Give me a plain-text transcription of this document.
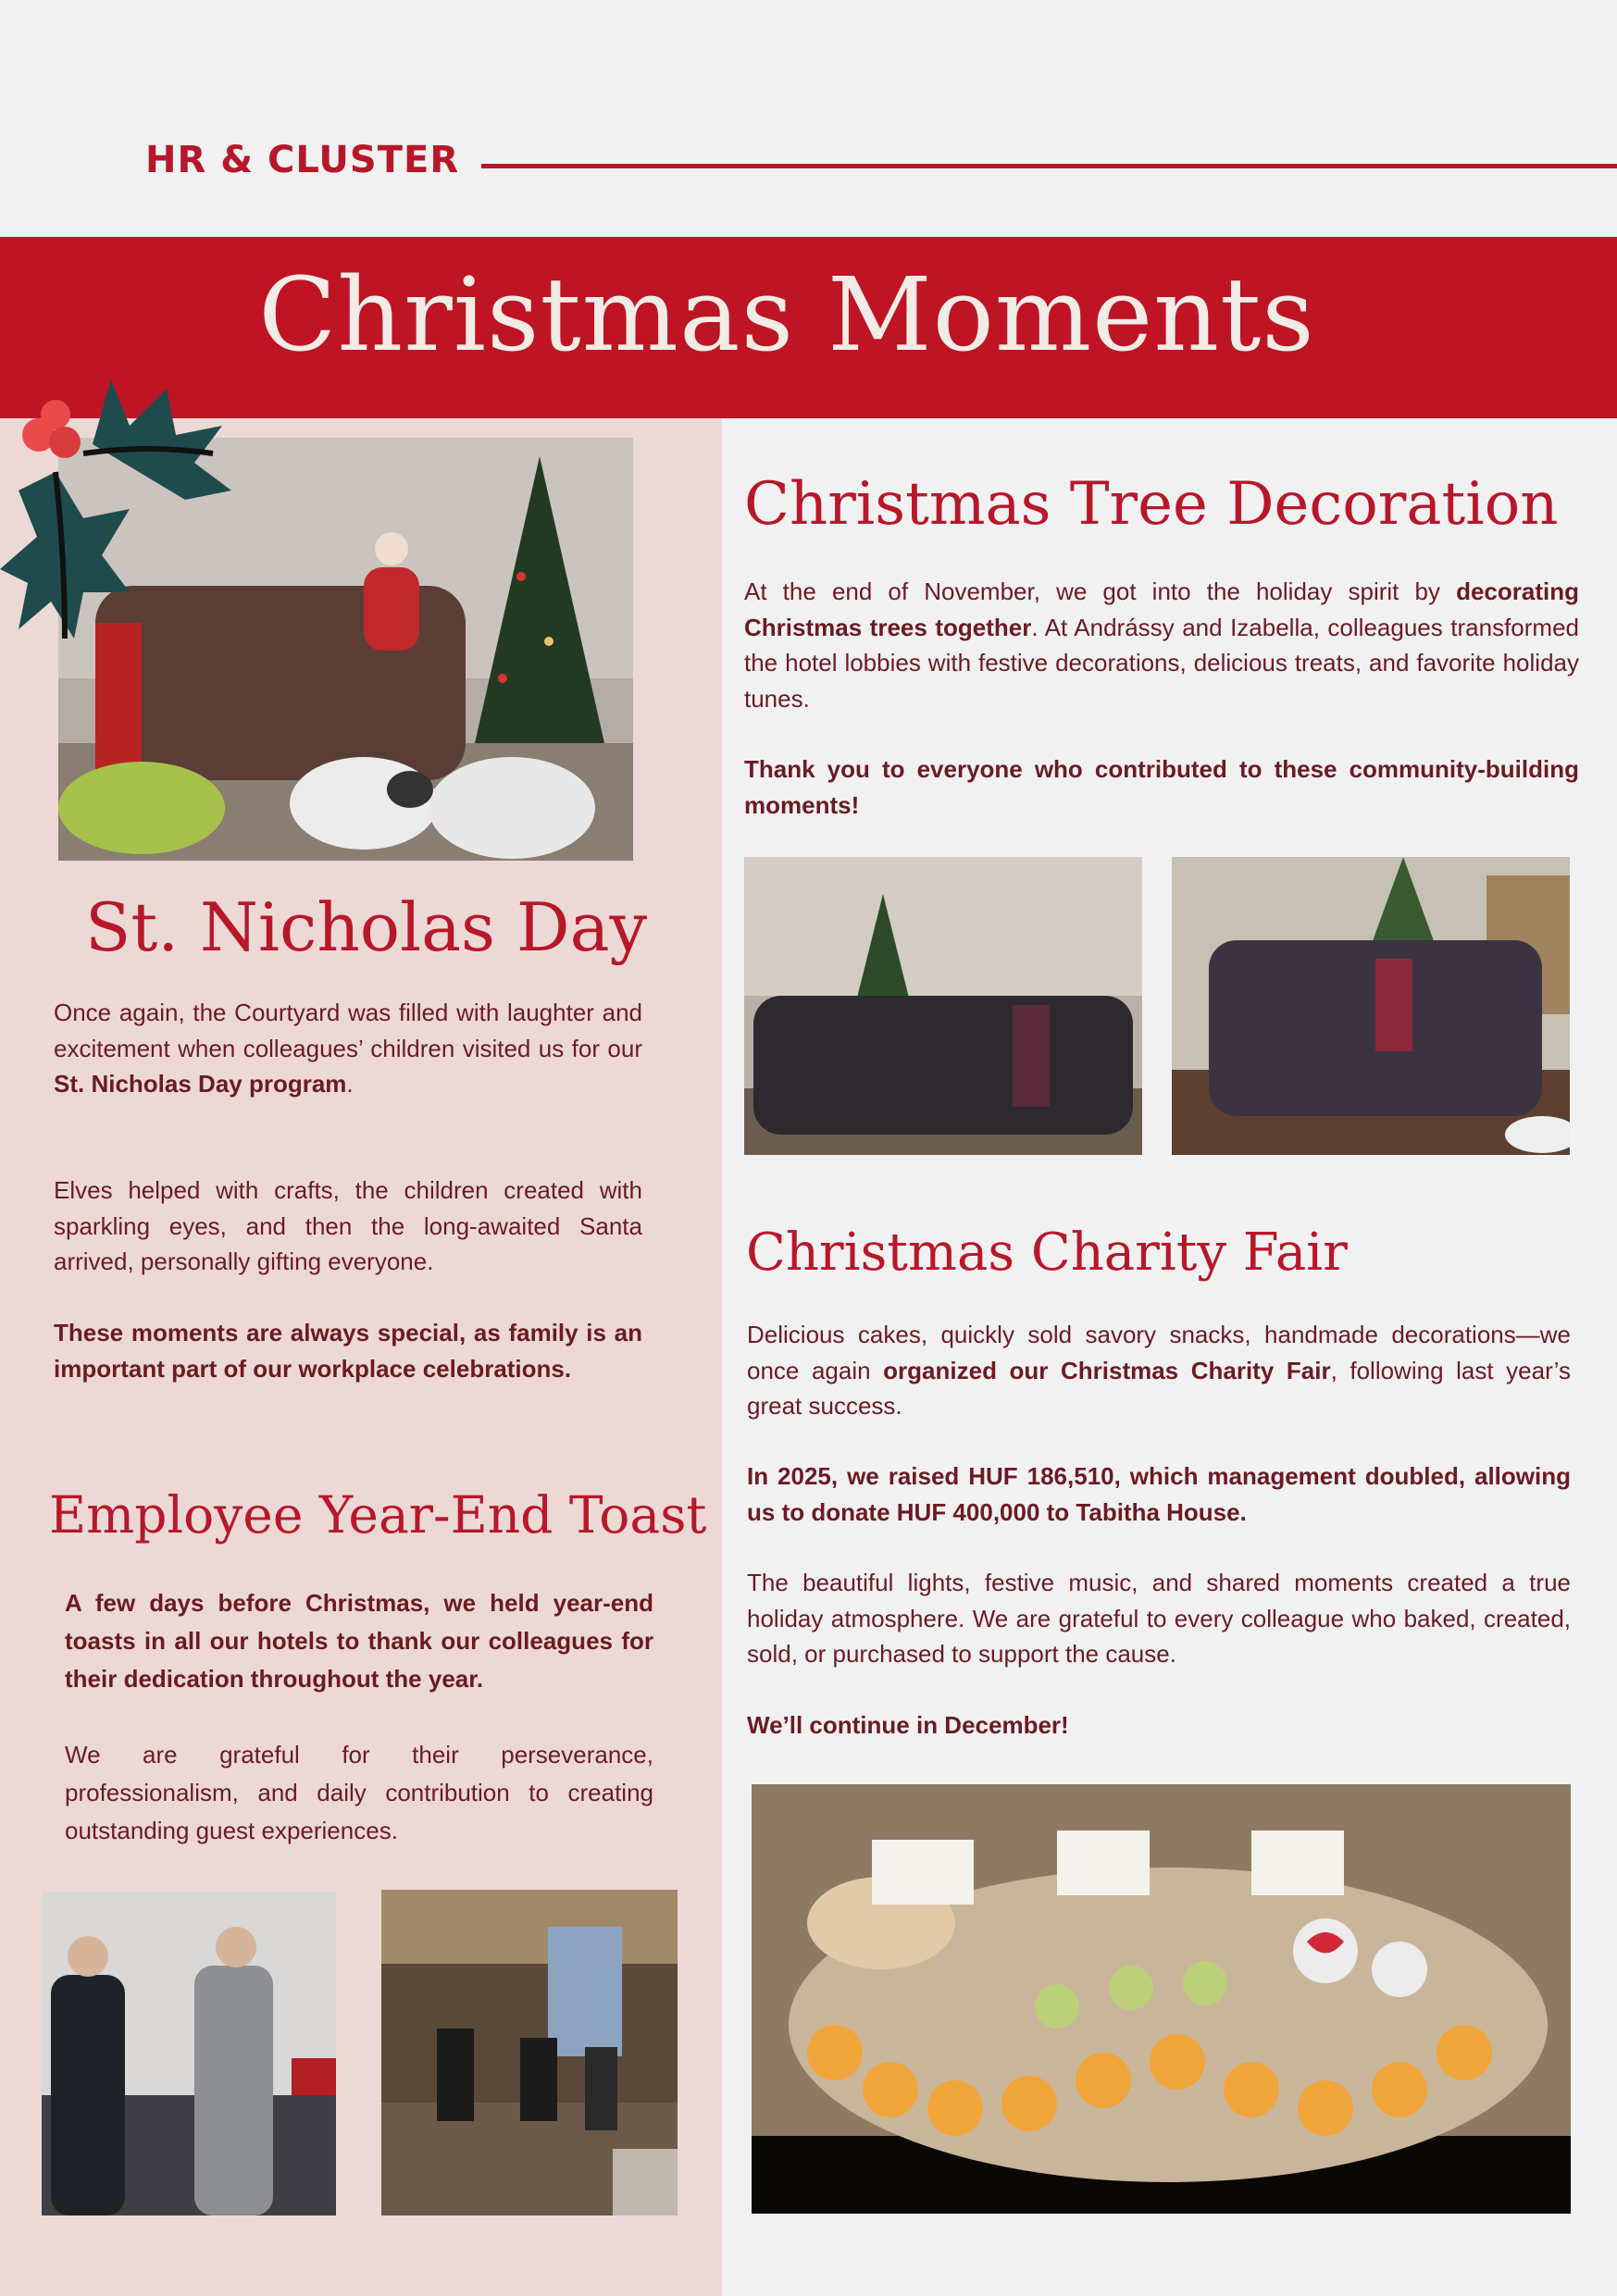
HR & CLUSTER
Christmas Moments
St. Nicholas Day

Once again, the Courtyard was filled with laughter and excitement when colleagues’ children visited us for our St. Nicholas Day program.

Elves helped with crafts, the children created with sparkling eyes, and then the long-awaited Santa arrived, personally gifting everyone.

These moments are always special, as family is an important part of our workplace celebrations.

Employee Year-End Toast

A few days before Christmas, we held year-end toasts in all our hotels to thank our colleagues for their dedication throughout the year.

We are grateful for their perseverance, professionalism, and daily contribution to creating outstanding guest experiences.

Christmas Tree Decoration

At the end of November, we got into the holiday spirit by decorating Christmas trees together. At Andrássy and Izabella, colleagues transformed the hotel lobbies with festive decorations, delicious treats, and favorite holiday tunes.

Thank you to everyone who contributed to these community-building moments!

Christmas Charity Fair

Delicious cakes, quickly sold savory snacks, handmade decorations—we once again organized our Christmas Charity Fair, following last year’s great success.

In 2025, we raised HUF 186,510, which management doubled, allowing us to donate HUF 400,000 to Tabitha House.

The beautiful lights, festive music, and shared moments created a true holiday atmosphere. We are grateful to every colleague who baked, created, sold, or purchased to support the cause.

We’ll continue in December!
